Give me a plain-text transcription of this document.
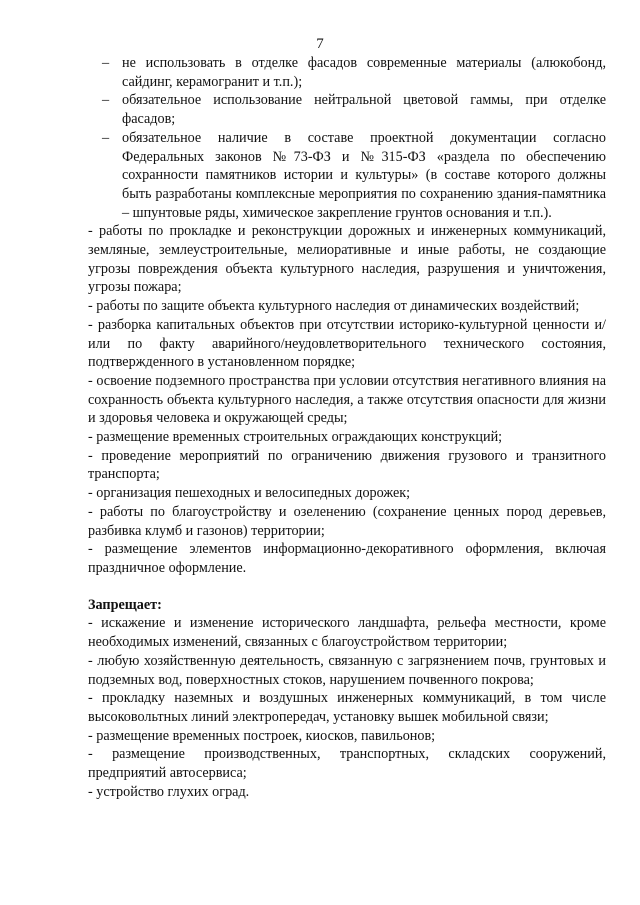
7
– не использовать в отделке фасадов современные материалы (алюкобонд, сайдинг, керамогранит и т.п.);
– обязательное использование нейтральной цветовой гаммы, при отделке фасадов;
– обязательное наличие в составе проектной документации согласно Федеральных законов №73-ФЗ и №315-ФЗ «раздела по обеспечению сохранности памятников истории и культуры» (в составе которого должны быть разработаны комплексные мероприятия по сохранению здания-памятника – шпунтовые ряды, химическое закрепление грунтов основания и т.п.).

- работы по прокладке и реконструкции дорожных и инженерных коммуникаций, земляные, землеустроительные, мелиоративные и иные работы, не создающие угрозы повреждения объекта культурного наследия, разрушения и уничтожения, угрозы пожара;

- работы по защите объекта культурного наследия от динамических воздействий;

- разборка капитальных объектов при отсутствии историко-культурной ценности и/или по факту аварийного/неудовлетворительного технического состояния, подтвержденного в установленном порядке;

- освоение подземного пространства при условии отсутствия негативного влияния на сохранность объекта культурного наследия, а также отсутствия опасности для жизни и здоровья человека и окружающей среды;

- размещение временных строительных ограждающих конструкций;

- проведение мероприятий по ограничению движения грузового и транзитного транспорта;

- организация пешеходных и велосипедных дорожек;

- работы по благоустройству и озеленению (сохранение ценных пород деревьев, разбивка клумб и газонов) территории;

- размещение элементов информационно-декоративного оформления, включая праздничное оформление.

Запрещает:

- искажение и изменение исторического ландшафта, рельефа местности, кроме необходимых изменений, связанных с благоустройством территории;

- любую хозяйственную деятельность, связанную с загрязнением почв, грунтовых и подземных вод, поверхностных стоков, нарушением почвенного покрова;

- прокладку наземных и воздушных инженерных коммуникаций, в том числе высоковольтных линий электропередач, установку вышек мобильной связи;

- размещение временных построек, киосков, павильонов;

- размещение производственных, транспортных, складских сооружений, предприятий автосервиса;

- устройство глухих оград.
